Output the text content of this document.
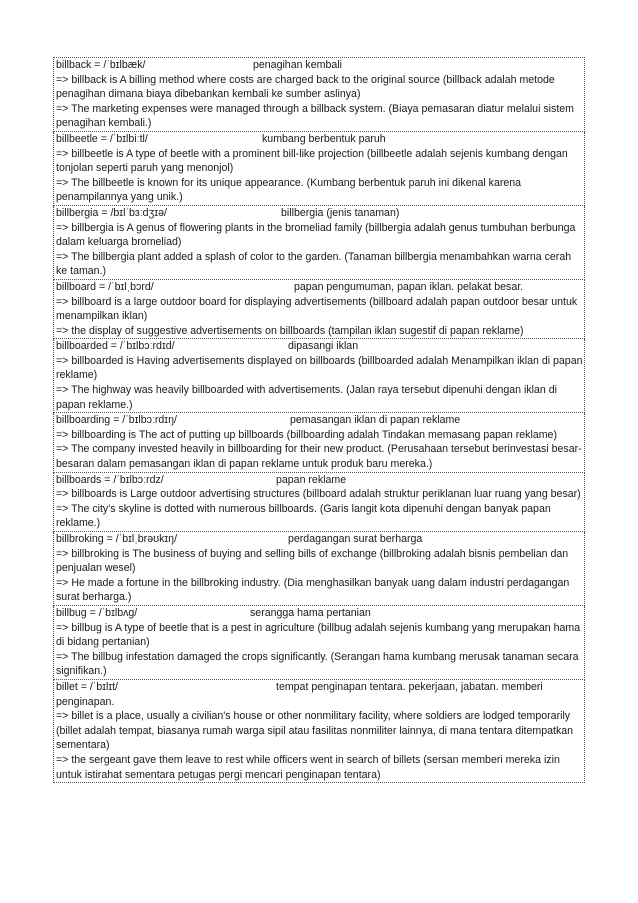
billback = /ˈbɪlbæk/	penagihan kembali
=> billback is A billing method where costs are charged back to the original source (billback adalah metode penagihan dimana biaya dibebankan kembali ke sumber aslinya)
=> The marketing expenses were managed through a billback system. (Biaya pemasaran diatur melalui sistem penagihan kembali.)
billbeetle = /ˈbɪlbiːtl/	kumbang berbentuk paruh
=> billbeetle is A type of beetle with a prominent bill-like projection (billbeetle adalah sejenis kumbang dengan tonjolan seperti paruh yang menonjol)
=> The billbeetle is known for its unique appearance. (Kumbang berbentuk paruh ini dikenal karena penampilannya yang unik.)
billbergia = /bɪlˈbɜːdʒɪə/	billbergia (jenis tanaman)
=> billbergia is A genus of flowering plants in the bromeliad family (billbergia adalah genus tumbuhan berbunga dalam keluarga bromeliad)
=> The billbergia plant added a splash of color to the garden. (Tanaman billbergia menambahkan warna cerah ke taman.)
billboard = /ˈbɪlˌbɔrd/	papan pengumuman, papan iklan. pelakat besar.
=> billboard is a large outdoor board for displaying advertisements (billboard adalah papan outdoor besar untuk menampilkan iklan)
=> the display of suggestive advertisements on billboards (tampilan iklan sugestif di papan reklame)
billboarded = /ˈbɪlbɔːrdɪd/	dipasangi iklan
=> billboarded is Having advertisements displayed on billboards (billboarded adalah Menampilkan iklan di papan reklame)
=> The highway was heavily billboarded with advertisements. (Jalan raya tersebut dipenuhi dengan iklan di papan reklame.)
billboarding = /ˈbɪlbɔːrdɪŋ/	pemasangan iklan di papan reklame
=> billboarding is The act of putting up billboards (billboarding adalah Tindakan memasang papan reklame)
=> The company invested heavily in billboarding for their new product. (Perusahaan tersebut berinvestasi besar-besaran dalam pemasangan iklan di papan reklame untuk produk baru mereka.)
billboards = /ˈbɪlbɔːrdz/	papan reklame
=> billboards is Large outdoor advertising structures (billboard adalah struktur periklanan luar ruang yang besar)
=> The city's skyline is dotted with numerous billboards. (Garis langit kota dipenuhi dengan banyak papan reklame.)
billbroking = /ˈbɪlˌbrəʊkɪŋ/	perdagangan surat berharga
=> billbroking is The business of buying and selling bills of exchange (billbroking adalah bisnis pembelian dan penjualan wesel)
=> He made a fortune in the billbroking industry. (Dia menghasilkan banyak uang dalam industri perdagangan surat berharga.)
billbug = /ˈbɪlbʌɡ/	serangga hama pertanian
=> billbug is A type of beetle that is a pest in agriculture (billbug adalah sejenis kumbang yang merupakan hama di bidang pertanian)
=> The billbug infestation damaged the crops significantly. (Serangan hama kumbang merusak tanaman secara signifikan.)
billet = /ˈbɪlɪt/	tempat penginapan tentara. pekerjaan, jabatan. memberi penginapan.
=> billet is a place, usually a civilian's house or other nonmilitary facility, where soldiers are lodged temporarily (billet adalah tempat, biasanya rumah warga sipil atau fasilitas nonmiliter lainnya, di mana tentara ditempatkan sementara)
=> the sergeant gave them leave to rest while officers went in search of billets (sersan memberi mereka izin untuk istirahat sementara petugas pergi mencari penginapan tentara)
